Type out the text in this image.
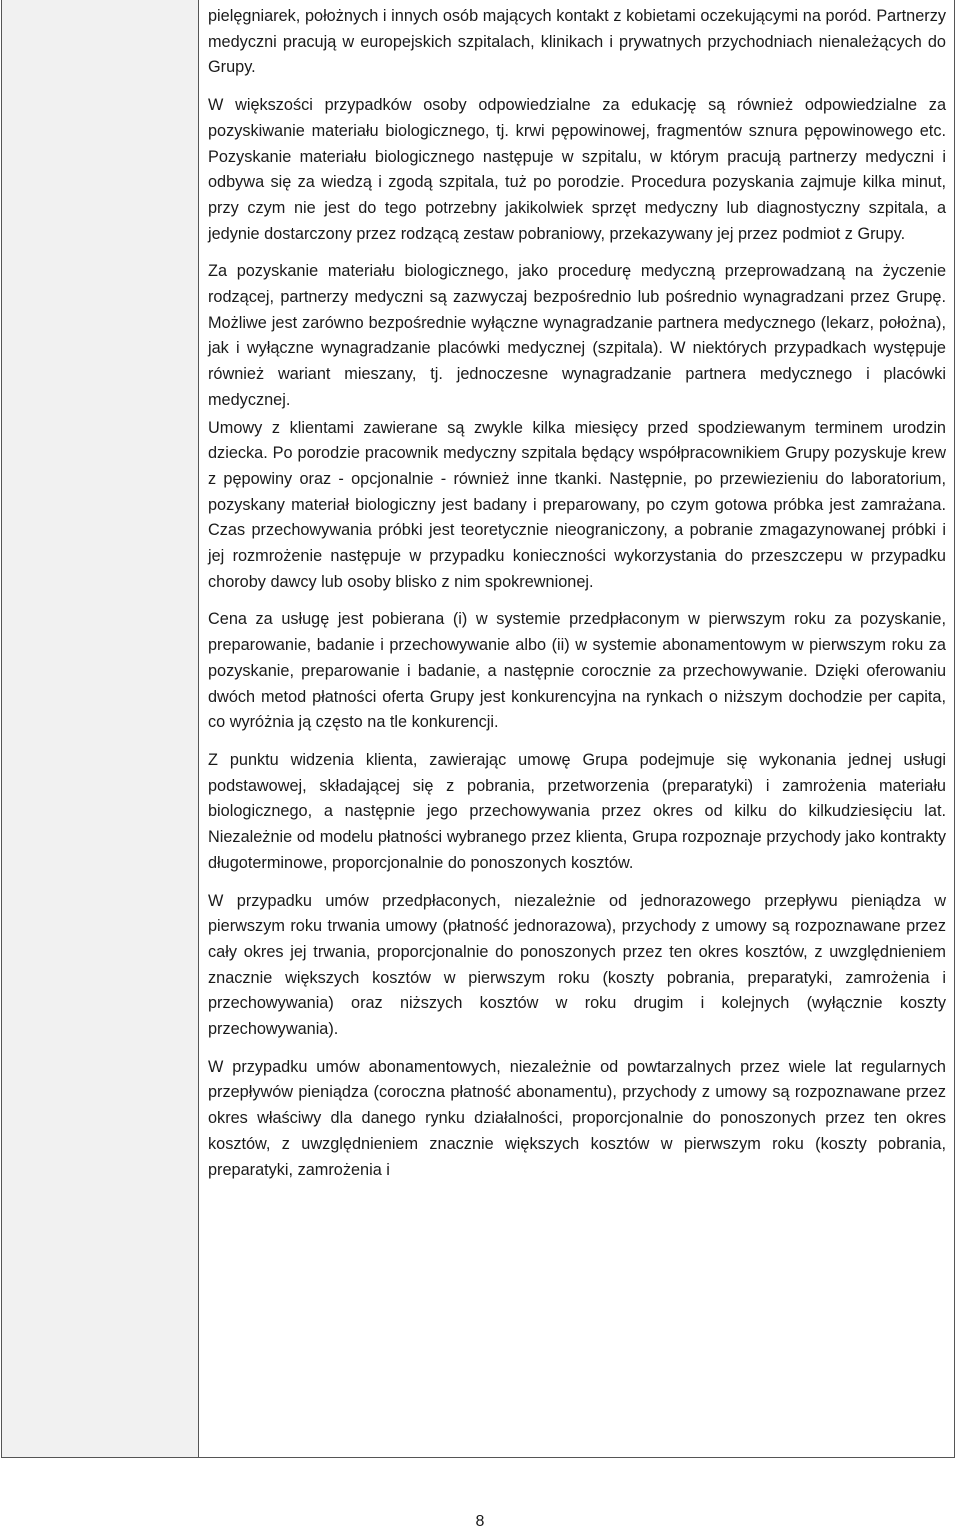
pielęgniarek, położnych i innych osób mających kontakt z kobietami oczekującymi na poród. Partnerzy medyczni pracują w europejskich szpitalach, klinikach i prywatnych przychodniach nienależących do Grupy.

W większości przypadków osoby odpowiedzialne za edukację są również odpowiedzialne za pozyskiwanie materiału biologicznego, tj. krwi pępowinowej, fragmentów sznura pępowinowego etc. Pozyskanie materiału biologicznego następuje w szpitalu, w którym pracują partnerzy medyczni i odbywa się za wiedzą i zgodą szpitala, tuż po porodzie. Procedura pozyskania zajmuje kilka minut, przy czym nie jest do tego potrzebny jakikolwiek sprzęt medyczny lub diagnostyczny szpitala, a jedynie dostarczony przez rodzącą zestaw pobraniowy, przekazywany jej przez podmiot z Grupy.

Za pozyskanie materiału biologicznego, jako procedurę medyczną przeprowadzaną na życzenie rodzącej, partnerzy medyczni są zazwyczaj bezpośrednio lub pośrednio wynagradzani przez Grupę. Możliwe jest zarówno bezpośrednie wyłączne wynagradzanie partnera medycznego (lekarz, położna), jak i wyłączne wynagradzanie placówki medycznej (szpitala). W niektórych przypadkach występuje również wariant mieszany, tj. jednoczesne wynagradzanie partnera medycznego i placówki medycznej.

Umowy z klientami zawierane są zwykle kilka miesięcy przed spodziewanym terminem urodzin dziecka. Po porodzie pracownik medyczny szpitala będący współpracownikiem Grupy pozyskuje krew z pępowiny oraz - opcjonalnie - również inne tkanki. Następnie, po przewiezieniu do laboratorium, pozyskany materiał biologiczny jest badany i preparowany, po czym gotowa próbka jest zamrażana. Czas przechowywania próbki jest teoretycznie nieograniczony, a pobranie zmagazynowanej próbki i jej rozmrożenie następuje w przypadku konieczności wykorzystania do przeszczepu w przypadku choroby dawcy lub osoby blisko z nim spokrewnionej.

Cena za usługę jest pobierana (i) w systemie przedpłaconym w pierwszym roku za pozyskanie, preparowanie, badanie i przechowywanie albo (ii) w systemie abonamentowym w pierwszym roku za pozyskanie, preparowanie i badanie, a następnie corocznie za przechowywanie. Dzięki oferowaniu dwóch metod płatności oferta Grupy jest konkurencyjna na rynkach o niższym dochodzie per capita, co wyróżnia ją często na tle konkurencji.

Z punktu widzenia klienta, zawierając umowę Grupa podejmuje się wykonania jednej usługi podstawowej, składającej się z pobrania, przetworzenia (preparatyki) i zamrożenia materiału biologicznego, a następnie jego przechowywania przez okres od kilku do kilkudziesięciu lat. Niezależnie od modelu płatności wybranego przez klienta, Grupa rozpoznaje przychody jako kontrakty długoterminowe, proporcjonalnie do ponoszonych kosztów.

W przypadku umów przedpłaconych, niezależnie od jednorazowego przepływu pieniądza w pierwszym roku trwania umowy (płatność jednorazowa), przychody z umowy są rozpoznawane przez cały okres jej trwania, proporcjonalnie do ponoszonych przez ten okres kosztów, z uwzględnieniem znacznie większych kosztów w pierwszym roku (koszty pobrania, preparatyki, zamrożenia i przechowywania) oraz niższych kosztów w roku drugim i kolejnych (wyłącznie koszty przechowywania).

W przypadku umów abonamentowych, niezależnie od powtarzalnych przez wiele lat regularnych przepływów pieniądza (coroczna płatność abonamentu), przychody z umowy są rozpoznawane przez okres właściwy dla danego rynku działalności, proporcjonalnie do ponoszonych przez ten okres kosztów, z uwzględnieniem znacznie większych kosztów w pierwszym roku (koszty pobrania, preparatyki, zamrożenia i

8
